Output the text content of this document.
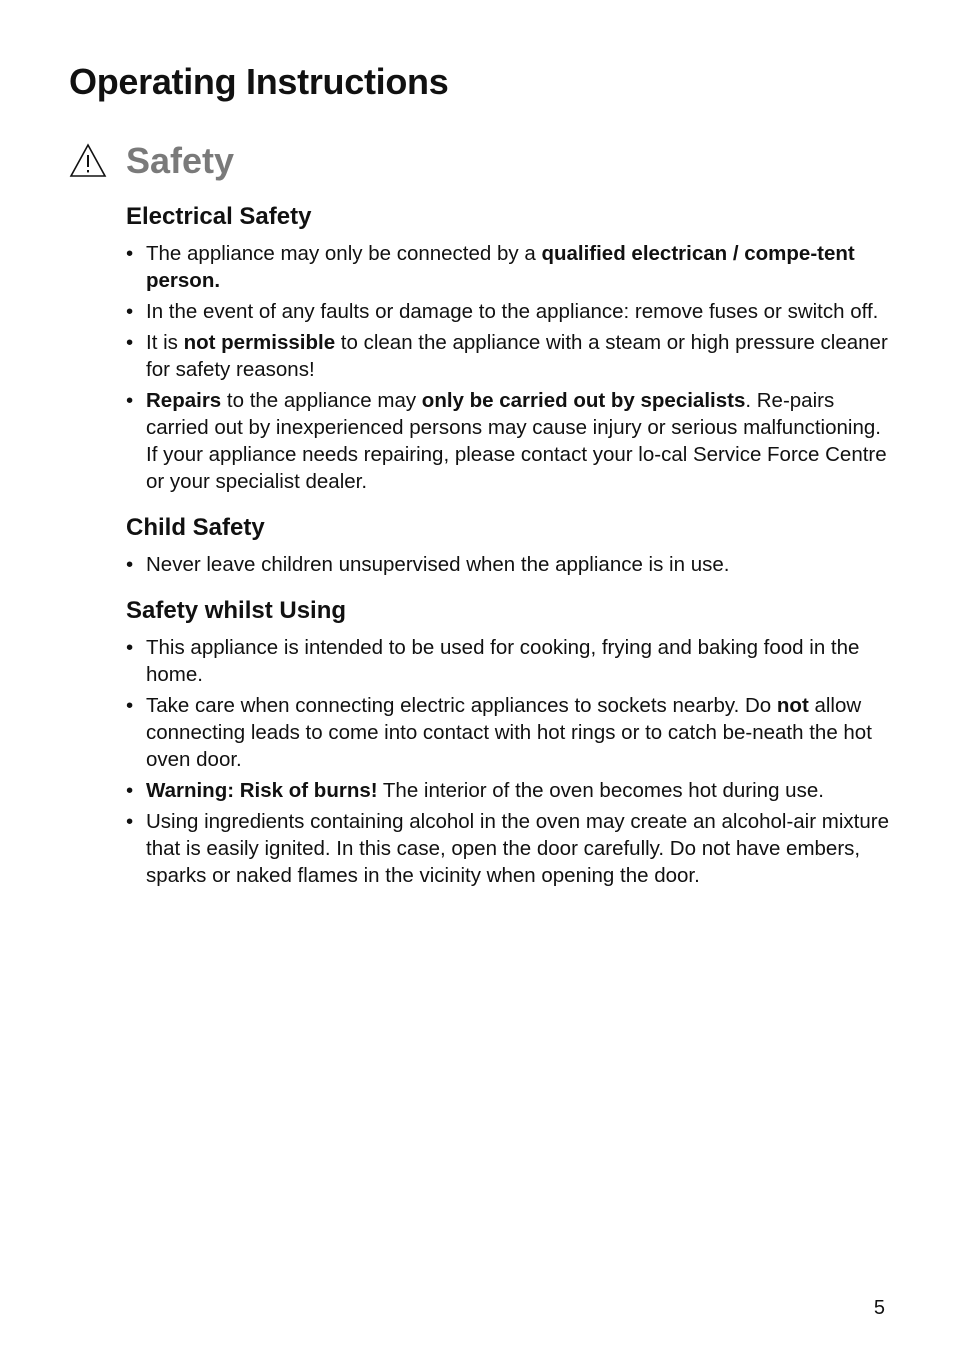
Operating Instructions
Safety
Electrical Safety
• The appliance may only be connected by a qualified electrican / compe-tent person.
• In the event of any faults or damage to the appliance: remove fuses or switch off.
• It is not permissible to clean the appliance with a steam or high pressure cleaner for safety reasons!
• Repairs to the appliance may only be carried out by specialists. Re-pairs carried out by inexperienced persons may cause injury or serious malfunctioning. If your appliance needs repairing, please contact your lo-cal Service Force Centre or your specialist dealer.
Child Safety
• Never leave children unsupervised when the appliance is in use.
Safety whilst Using
• This appliance is intended to be used for cooking, frying and baking food in the home.
• Take care when connecting electric appliances to sockets nearby. Do not allow connecting leads to come into contact with hot rings or to catch be-neath the hot oven door.
• Warning: Risk of burns! The interior of the oven becomes hot during use.
• Using ingredients containing alcohol in the oven may create an alcohol-air mixture that is easily ignited. In this case, open the door carefully. Do not have embers, sparks or naked flames in the vicinity when opening the door.
5
